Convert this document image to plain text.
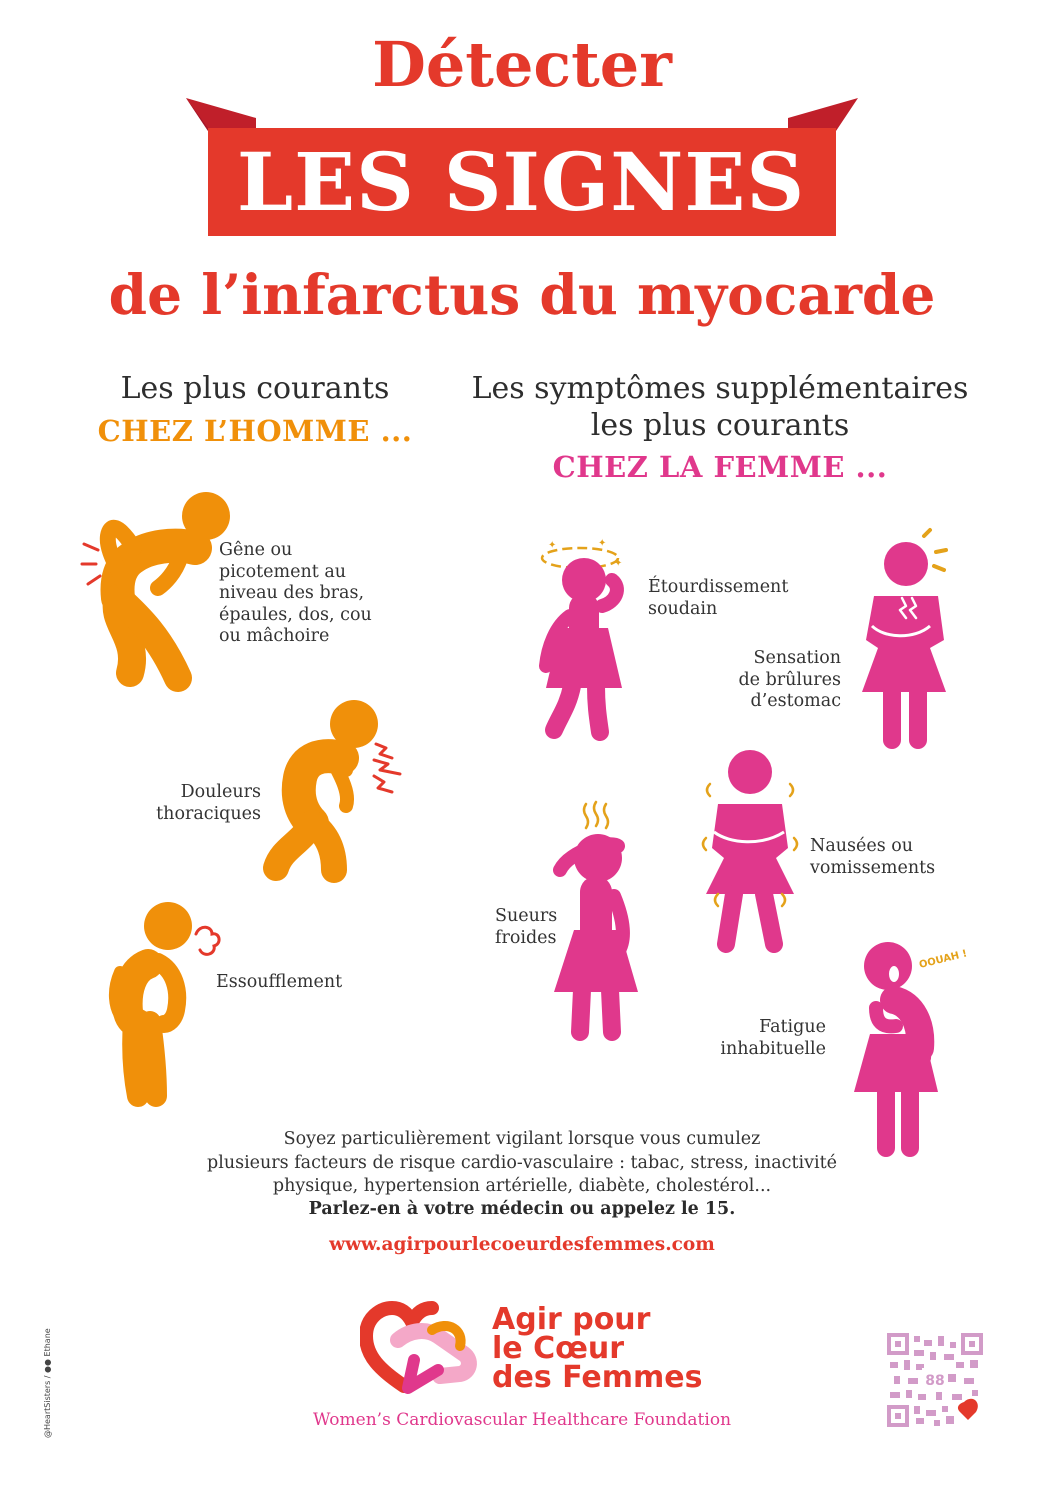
Détecter
LES SIGNES
de l’infarctus du myocarde
Les plus courants
CHEZ L’HOMME ...
Les symptômes supplémentaires
les plus courants
CHEZ LA FEMME ...
Gêne ou
picotement au
niveau des bras,
épaules, dos, cou
ou mâchoire
Douleurs
thoraciques
Essoufflement
✦	✦
✦
Étourdissement
soudain
Sensation
de brûlures
d’estomac
Nausées ou
vomissements
Sueurs
froides
OOUAH !
Fatigue
inhabituelle
Soyez particulièrement vigilant lorsque vous cumulez
plusieurs facteurs de risque cardio-vasculaire : tabac, stress, inactivité
physique, hypertension artérielle, diabète, cholestérol...
Parlez-en à votre médecin ou appelez le 15.
www.agirpourlecoeurdesfemmes.com
Agir pour
le Cœur
des Femmes
Women’s Cardiovascular Healthcare Foundation
@HeartSisters / ●● Ethane	88
